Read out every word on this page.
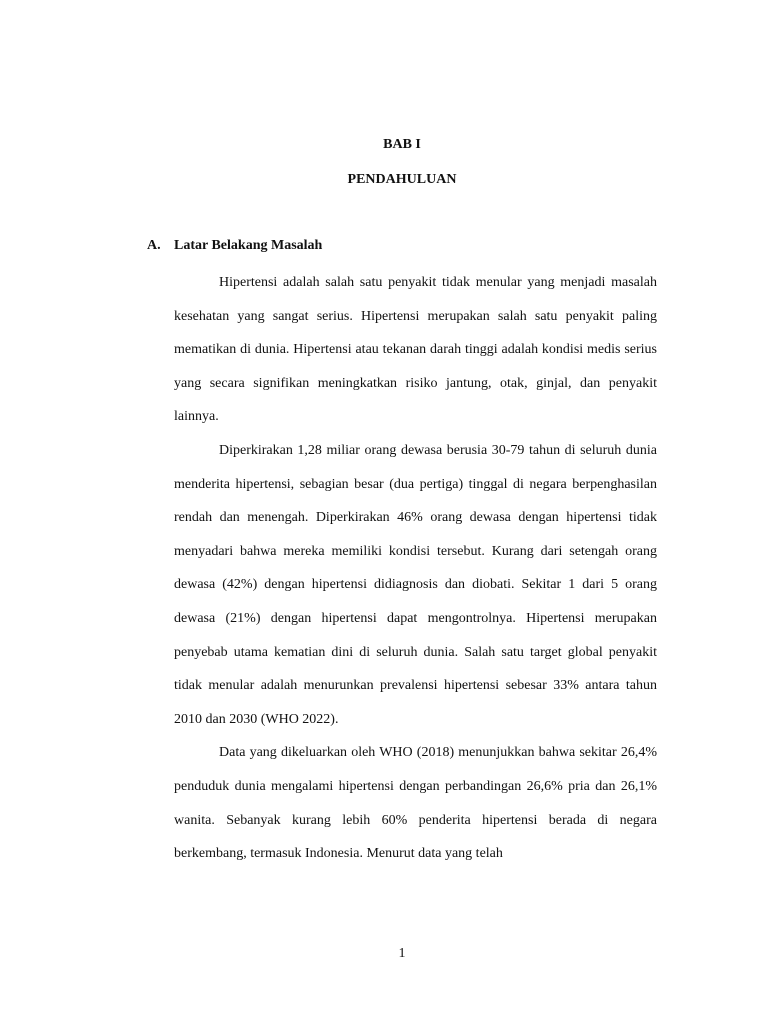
BAB I
PENDAHULUAN
A. Latar Belakang Masalah

Hipertensi adalah salah satu penyakit tidak menular yang menjadi masalah kesehatan yang sangat serius. Hipertensi merupakan salah satu penyakit paling mematikan di dunia. Hipertensi atau tekanan darah tinggi adalah kondisi medis serius yang secara signifikan meningkatkan risiko jantung, otak, ginjal, dan penyakit lainnya.

Diperkirakan 1,28 miliar orang dewasa berusia 30-79 tahun di seluruh dunia menderita hipertensi, sebagian besar (dua pertiga) tinggal di negara berpenghasilan rendah dan menengah. Diperkirakan 46% orang dewasa dengan hipertensi tidak menyadari bahwa mereka memiliki kondisi tersebut. Kurang dari setengah orang dewasa (42%) dengan hipertensi didiagnosis dan diobati. Sekitar 1 dari 5 orang dewasa (21%) dengan hipertensi dapat mengontrolnya. Hipertensi merupakan penyebab utama kematian dini di seluruh dunia. Salah satu target global penyakit tidak menular adalah menurunkan prevalensi hipertensi sebesar 33% antara tahun 2010 dan 2030 (WHO 2022).

Data yang dikeluarkan oleh WHO (2018) menunjukkan bahwa sekitar 26,4% penduduk dunia mengalami hipertensi dengan perbandingan 26,6% pria dan 26,1% wanita. Sebanyak kurang lebih 60% penderita hipertensi berada di negara berkembang, termasuk Indonesia. Menurut data yang telah

1
